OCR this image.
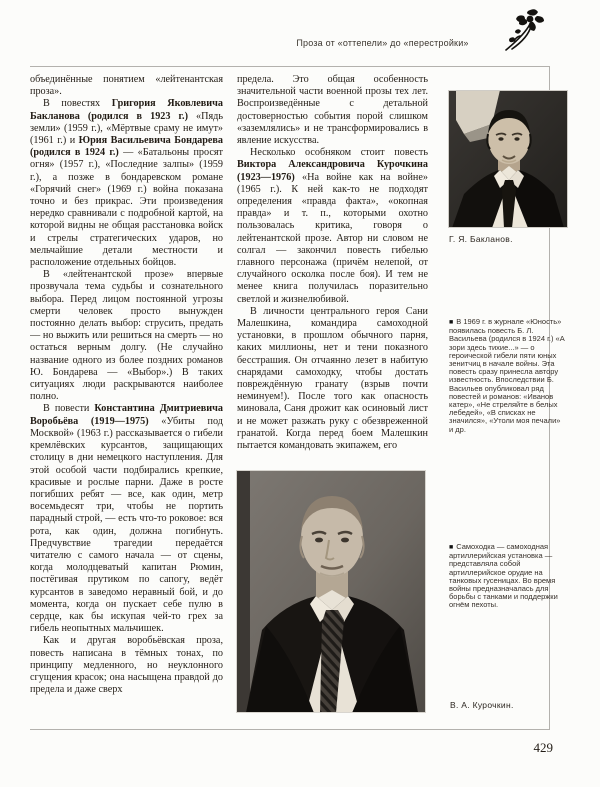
Проза от «оттепели» до «перестройки»

объединённые понятием «лейтенантская проза».

В повестях Григория Яковлевича Бакланова (родился в 1923 г.) «Пядь земли» (1959 г.), «Мёртвые сраму не имут» (1961 г.) и Юрия Васильевича Бондарева (родился в 1924 г.) — «Батальоны просят огня» (1957 г.), «Последние залпы» (1959 г.), а позже в бондаревском романе «Горячий снег» (1969 г.) война показана точно и без прикрас. Эти произведения нередко сравнивали с подробной картой, на которой видны не общая расстановка войск и стрелы стратегических ударов, но мельчайшие детали местности и расположение отдельных бойцов.

В «лейтенантской прозе» впервые прозвучала тема судьбы и сознательного выбора. Перед лицом постоянной угрозы смерти человек просто вынужден постоянно делать выбор: струсить, предать — но выжить или решиться на смерть — но остаться верным долгу. (Не случайно название одного из более поздних романов Ю. Бондарева — «Выбор».) В таких ситуациях люди раскрываются наиболее полно.

В повести Константина Дмитриевича Воробьёва (1919—1975) «Убиты под Москвой» (1963 г.) рассказывается о гибели кремлёвских курсантов, защищающих столицу в дни немецкого наступления. Для этой особой части подбирались крепкие, красивые и рослые парни. Даже в росте погибших ребят — все, как один, метр восемьдесят три, чтобы не портить парадный строй, — есть что-то роковое: вся рота, как один, должна погибнуть. Предчувствие трагедии передаётся читателю с самого начала — от сцены, когда молодцеватый капитан Рюмин, постёгивая прутиком по сапогу, ведёт курсантов в заведомо неравный бой, и до момента, когда он пускает себе пулю в сердце, как бы искупая чей-то грех за гибель неопытных мальчишек.

Как и другая воробьёвская проза, повесть написана в тёмных тонах, по принципу медленного, но неуклонного сгущения красок; она насыщена правдой до предела и даже сверх

предела. Это общая особенность значительной части военной прозы тех лет. Воспроизведённые с детальной достоверностью события порой слишком «заземлялись» и не трансформировались в явление искусства.

Несколько особняком стоит повесть Виктора Александровича Курочкина (1923—1976) «На войне как на войне» (1965 г.). К ней как-то не подходят определения «правда факта», «окопная правда» и т. п., которыми охотно пользовалась критика, говоря о лейтенантской прозе. Автор ни словом не солгал — закончил повесть гибелью главного персонажа (причём нелепой, от случайного осколка после боя). И тем не менее книга получилась поразительно светлой и жизнелюбивой.

В личности центрального героя Сани Малешкина, командира самоходной установки, в прошлом обычного парня, каких миллионы, нет и тени показного бесстрашия. Он отчаянно лезет в набитую снарядами самоходку, чтобы достать повреждённую гранату (взрыв почти неминуем!). После того как опасность миновала, Саня дрожит как осиновый лист и не может разжать руку с обезвреженной гранатой. Когда перед боем Малешкин пытается командовать экипажем, его

Г. Я. Бакланов.
■ В 1969 г. в журнале «Юность» появилась повесть Б. Л. Васильева (родился в 1924 г.) «А зори здесь тихие...» — о героической гибели пяти юных зенитчиц в начале войны. Эта повесть сразу принесла автору известность. Впоследствии Б. Васильев опубликовал ряд повестей и романов: «Иванов катер», «Не стреляйте в белых лебедей», «В списках не значился», «Утоли моя печали» и др.
■ Самоходка — самоходная артиллерийская установка — представляла собой артиллерийское орудие на танковых гусеницах. Во время войны предназначалась для борьбы с танками и поддержки огнём пехоты.
В. А. Курочкин.
429
